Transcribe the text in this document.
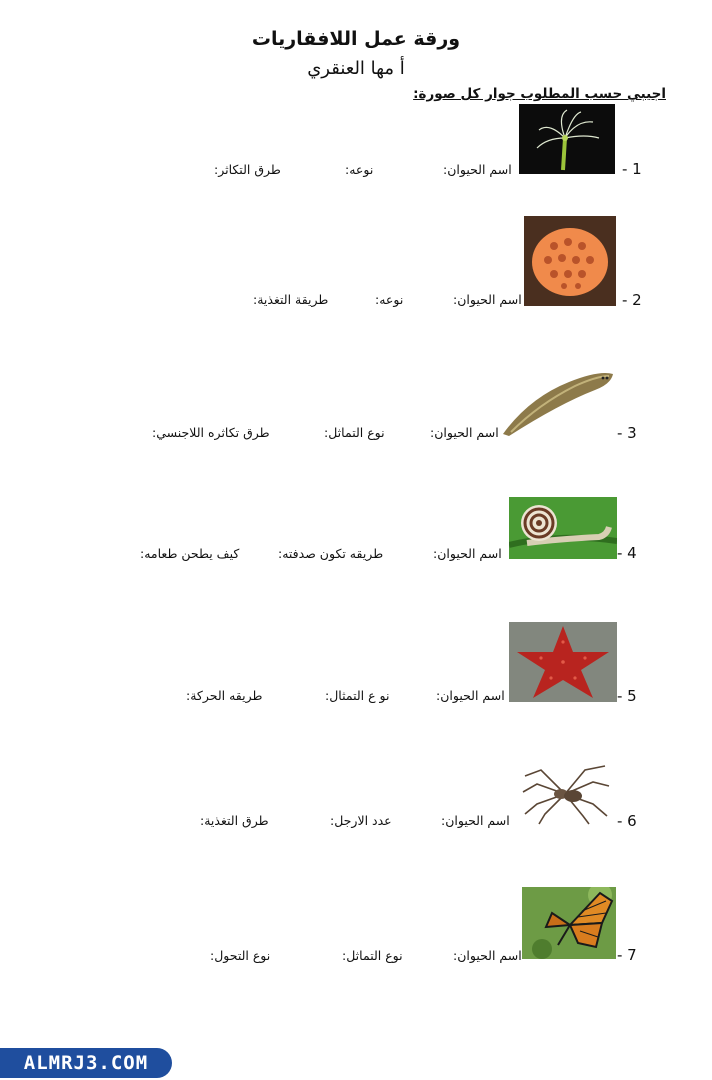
ورقة عمل اللافقاريات
أ مها العنقري
اجيبي حسب المطلوب جوار كل صورة:
- 1
اسم الحيوان:
نوعه:
طرق التكاثر:
- 2
اسم الحيوان:
نوعه:
طريقة التغذية:
- 3
اسم الحيوان:
نوع التماثل:
طرق تكاثره اللاجنسي:
- 4
اسم الحيوان:
طريقه تكون صدفته:
كيف يطحن طعامه:
- 5
اسم الحيوان:
نو ع التمثال:
طريقه الحركة:
- 6
اسم الحيوان:
عدد الارجل:
طرق التغذية:
- 7
اسم الحيوان:
نوع التماثل:
نوع التحول:
ALMRJ3.COM
